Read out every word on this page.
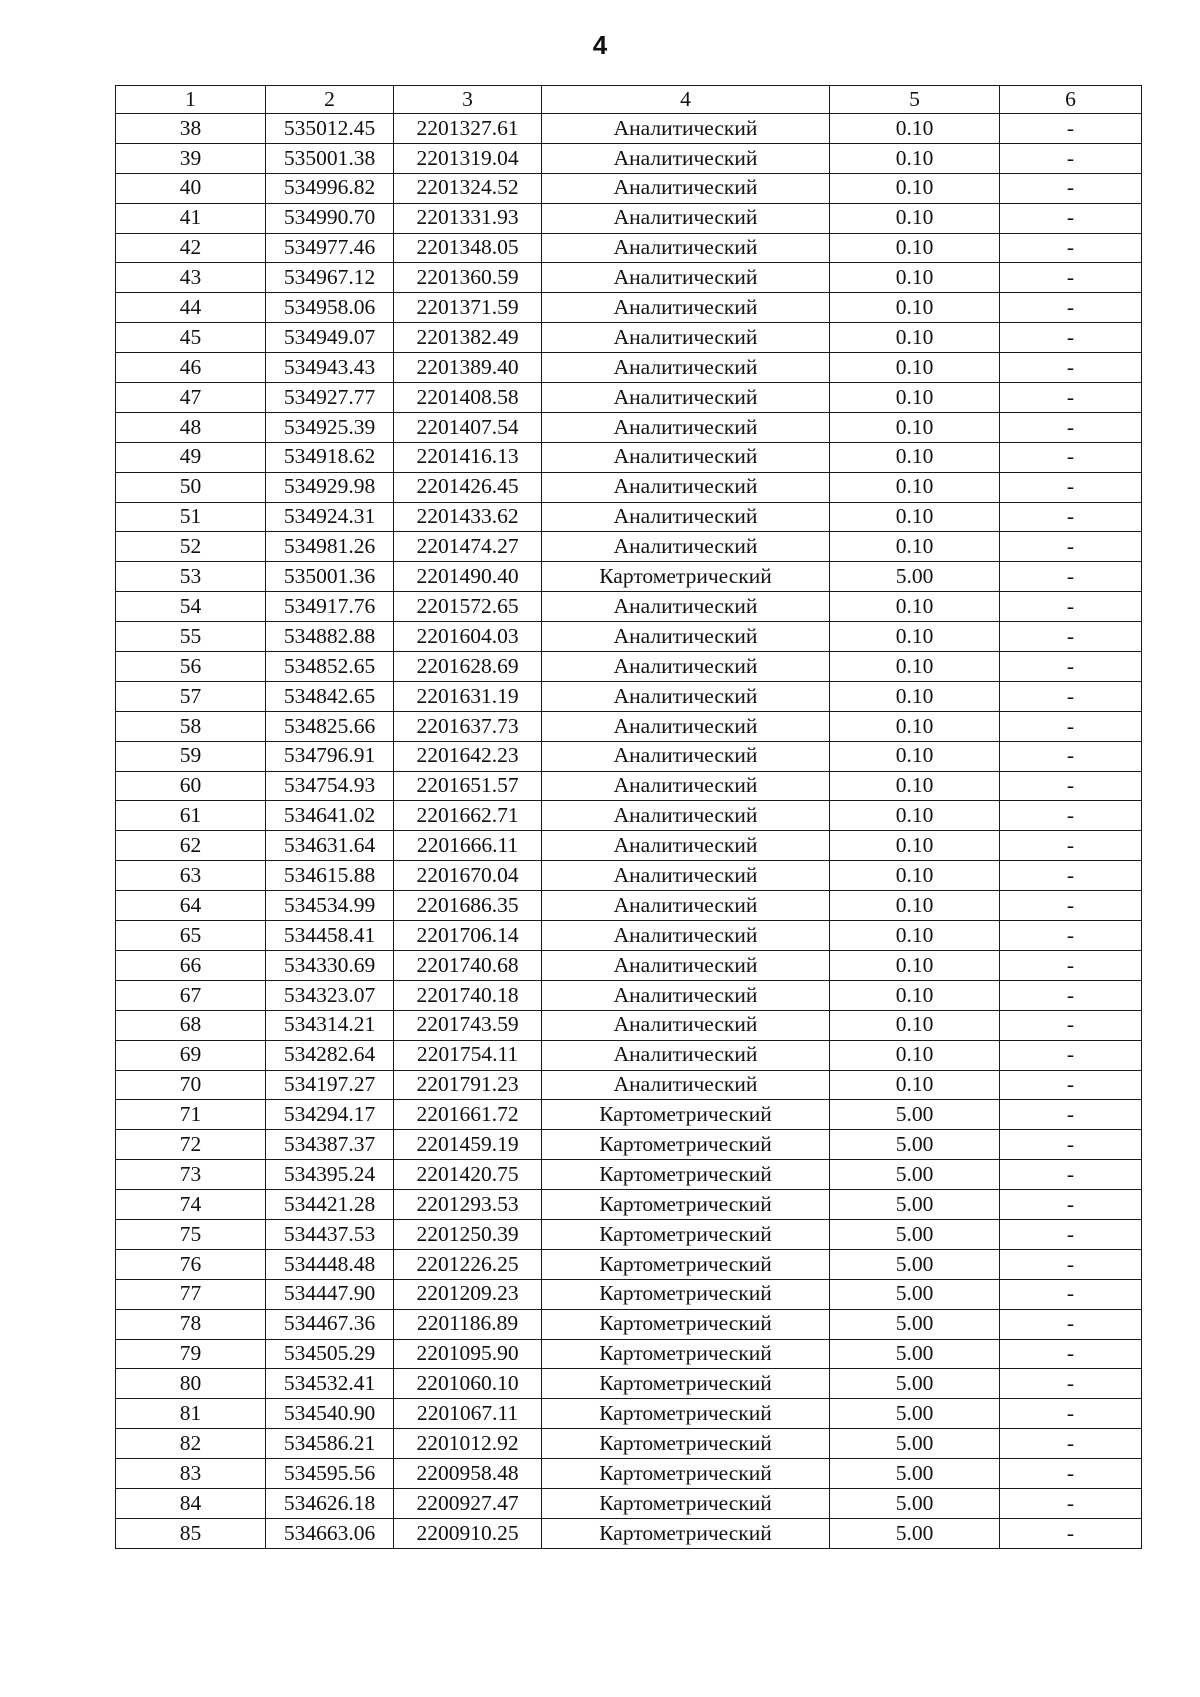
4
1	2	3	4	5	6
38	535012.45	2201327.61	Аналитический	0.10	-
39	535001.38	2201319.04	Аналитический	0.10	-
40	534996.82	2201324.52	Аналитический	0.10	-
41	534990.70	2201331.93	Аналитический	0.10	-
42	534977.46	2201348.05	Аналитический	0.10	-
43	534967.12	2201360.59	Аналитический	0.10	-
44	534958.06	2201371.59	Аналитический	0.10	-
45	534949.07	2201382.49	Аналитический	0.10	-
46	534943.43	2201389.40	Аналитический	0.10	-
47	534927.77	2201408.58	Аналитический	0.10	-
48	534925.39	2201407.54	Аналитический	0.10	-
49	534918.62	2201416.13	Аналитический	0.10	-
50	534929.98	2201426.45	Аналитический	0.10	-
51	534924.31	2201433.62	Аналитический	0.10	-
52	534981.26	2201474.27	Аналитический	0.10	-
53	535001.36	2201490.40	Картометрический	5.00	-
54	534917.76	2201572.65	Аналитический	0.10	-
55	534882.88	2201604.03	Аналитический	0.10	-
56	534852.65	2201628.69	Аналитический	0.10	-
57	534842.65	2201631.19	Аналитический	0.10	-
58	534825.66	2201637.73	Аналитический	0.10	-
59	534796.91	2201642.23	Аналитический	0.10	-
60	534754.93	2201651.57	Аналитический	0.10	-
61	534641.02	2201662.71	Аналитический	0.10	-
62	534631.64	2201666.11	Аналитический	0.10	-
63	534615.88	2201670.04	Аналитический	0.10	-
64	534534.99	2201686.35	Аналитический	0.10	-
65	534458.41	2201706.14	Аналитический	0.10	-
66	534330.69	2201740.68	Аналитический	0.10	-
67	534323.07	2201740.18	Аналитический	0.10	-
68	534314.21	2201743.59	Аналитический	0.10	-
69	534282.64	2201754.11	Аналитический	0.10	-
70	534197.27	2201791.23	Аналитический	0.10	-
71	534294.17	2201661.72	Картометрический	5.00	-
72	534387.37	2201459.19	Картометрический	5.00	-
73	534395.24	2201420.75	Картометрический	5.00	-
74	534421.28	2201293.53	Картометрический	5.00	-
75	534437.53	2201250.39	Картометрический	5.00	-
76	534448.48	2201226.25	Картометрический	5.00	-
77	534447.90	2201209.23	Картометрический	5.00	-
78	534467.36	2201186.89	Картометрический	5.00	-
79	534505.29	2201095.90	Картометрический	5.00	-
80	534532.41	2201060.10	Картометрический	5.00	-
81	534540.90	2201067.11	Картометрический	5.00	-
82	534586.21	2201012.92	Картометрический	5.00	-
83	534595.56	2200958.48	Картометрический	5.00	-
84	534626.18	2200927.47	Картометрический	5.00	-
85	534663.06	2200910.25	Картометрический	5.00	-
